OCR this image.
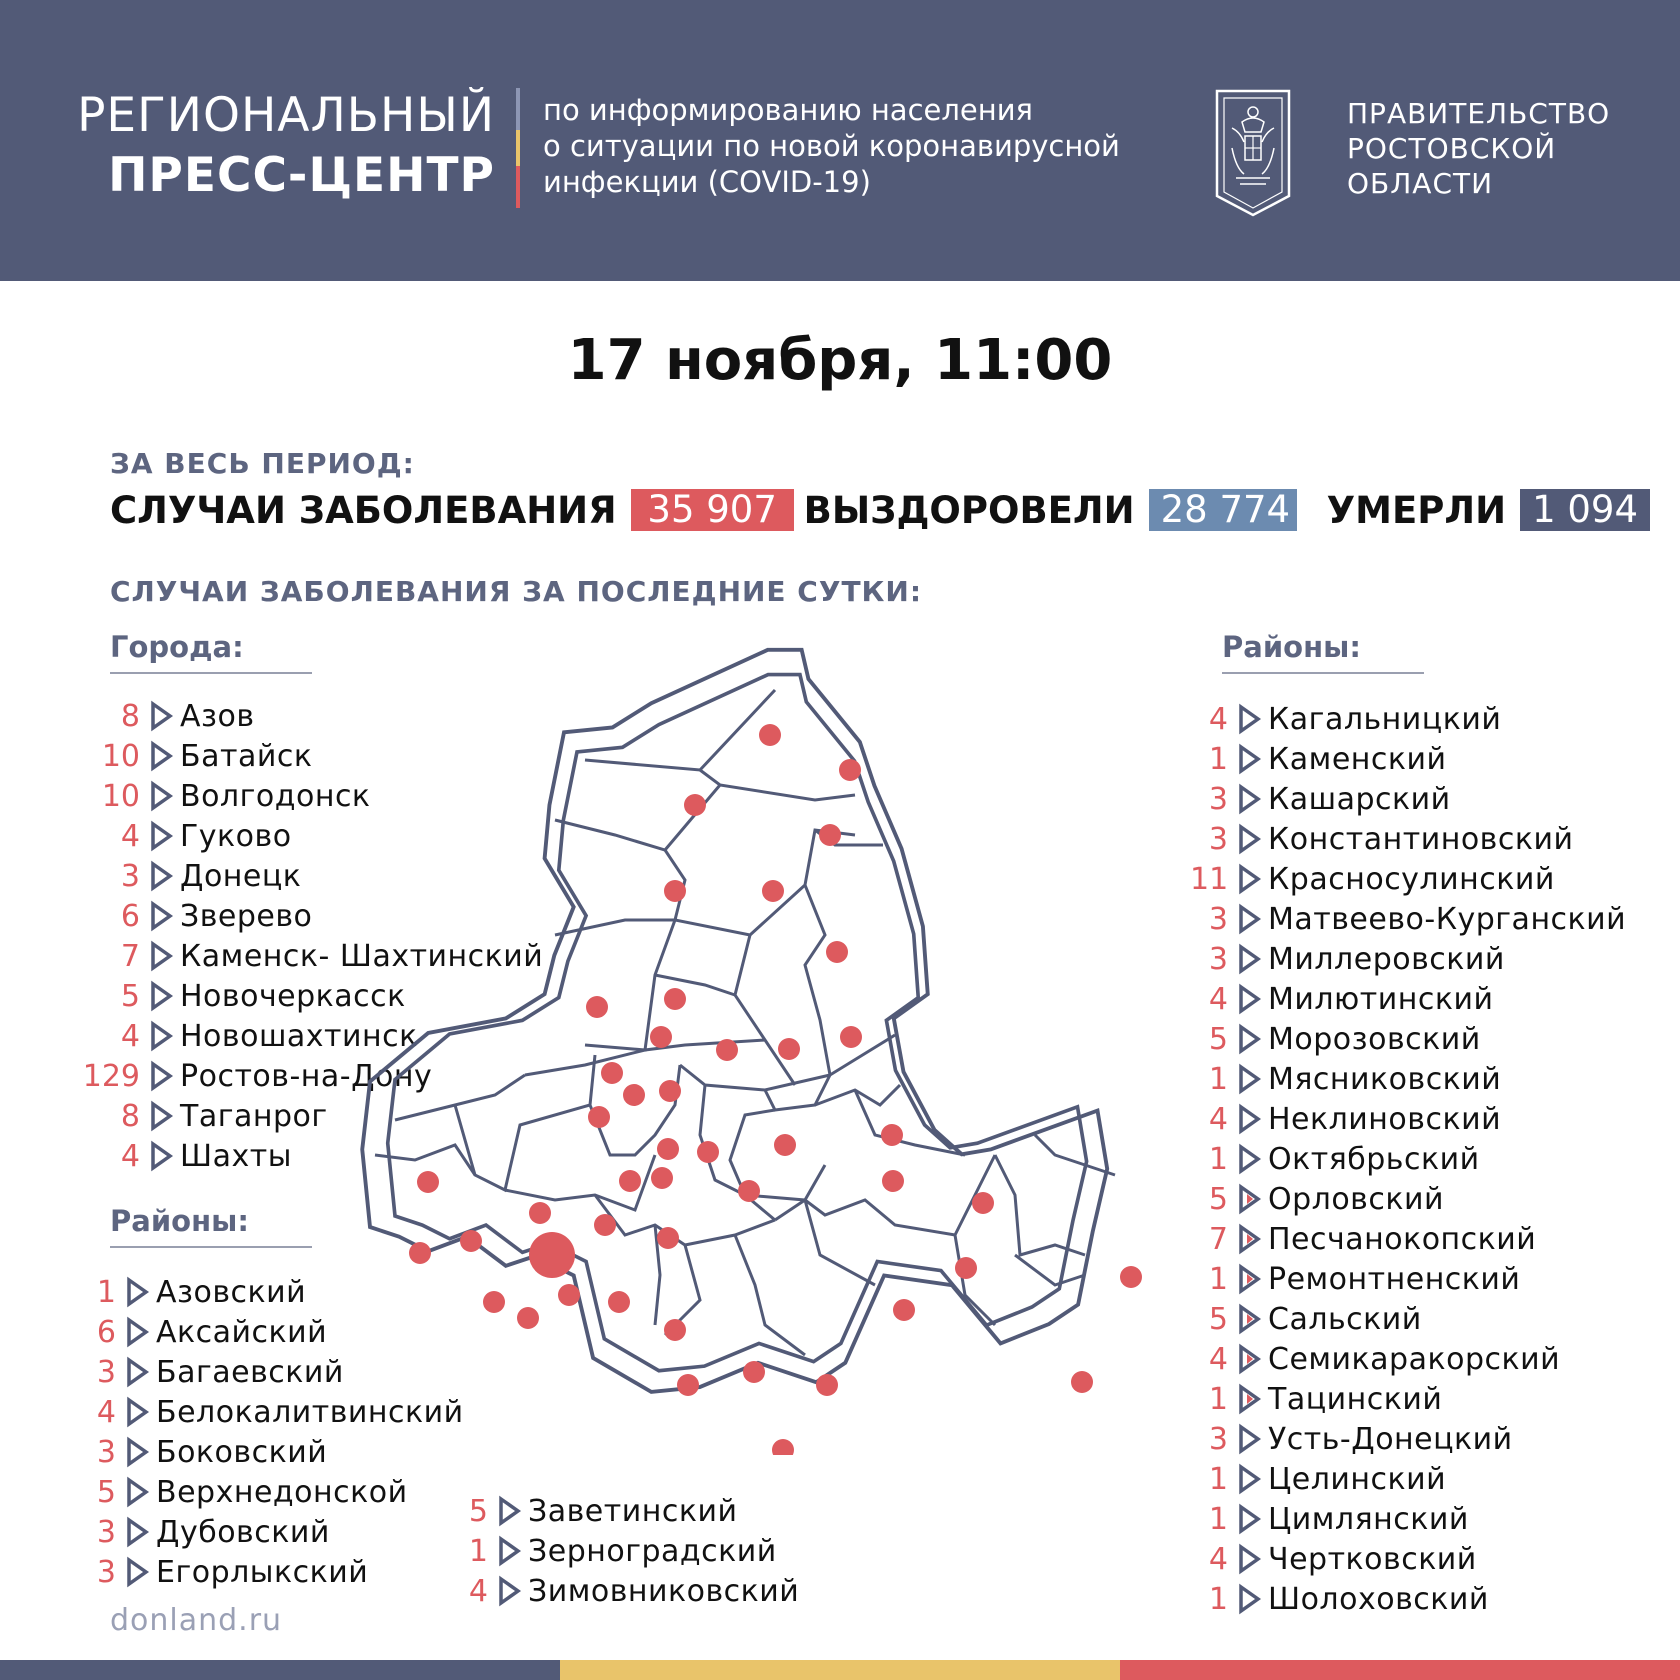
РЕГИОНАЛЬНЫЙ
ПРЕСС-ЦЕНТР
по информированию населения
о ситуации по новой коронавирусной
инфекции (COVID-19)
ПРАВИТЕЛЬСТВО
РОСТОВСКОЙ
ОБЛАСТИ
17 ноября, 11:00
ЗА ВЕСЬ ПЕРИОД:
СЛУЧАИ ЗАБОЛЕВАНИЯ 35 907 ВЫЗДОРОВЕЛИ 28 774 УМЕРЛИ 1 094
СЛУЧАИ ЗАБОЛЕВАНИЯ ЗА ПОСЛЕДНИЕ СУТКИ:
Города:
Районы:
Районы:
8 Азов
10 Батайск
10 Волгодонск
4 Гуково
3 Донецк
6 Зверево
7 Каменск- Шахтинский
5 Новочеркасск
4 Новошахтинск
129 Ростов-на-Дону
8 Таганрог
4 Шахты
1 Азовский
6 Аксайский
3 Багаевский
4 Белокалитвинский
3 Боковский
5 Верхнедонской
3 Дубовский
3 Егорлыкский
5 Заветинский
1 Зерноградский
4 Зимовниковский
4 Кагальницкий
1 Каменский
3 Кашарский
3 Константиновский
11 Красносулинский
3 Матвеево-Курганский
3 Миллеровский
4 Милютинский
5 Морозовский
1 Мясниковский
4 Неклиновский
1 Октябрьский
5 Орловский
7 Песчанокопский
1 Ремонтненский
5 Сальский
4 Семикаракорский
1 Тацинский
3 Усть-Донецкий
1 Целинский
1 Цимлянский
4 Чертковский
1 Шолоховский
donland.ru
